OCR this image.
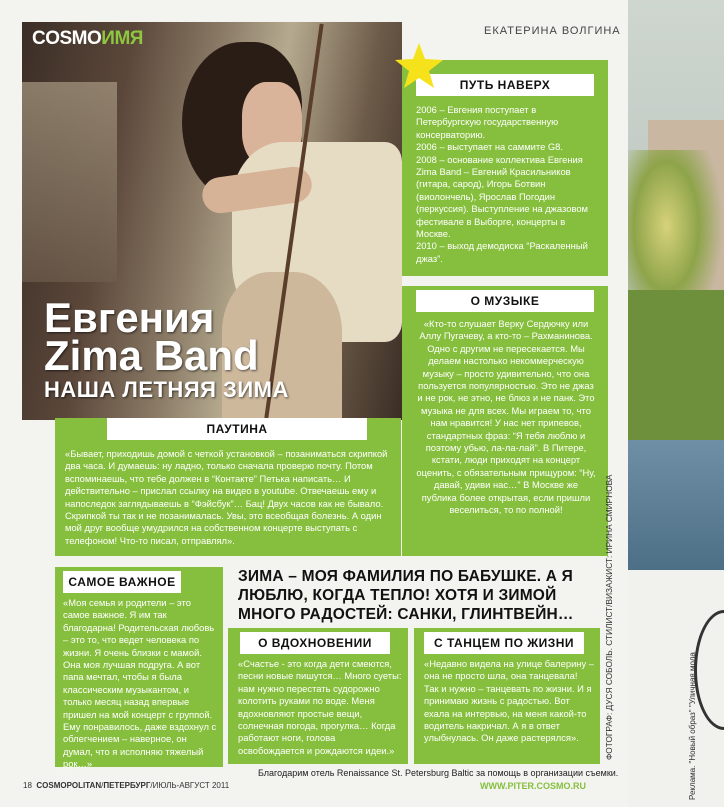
COSMOИМЯ	ЕКАТЕРИНА ВОЛГИНА
Евгения
Zima Band
НАША ЛЕТНЯЯ ЗИМА
ПУТЬ НАВЕРХ
2006 – Евгения поступает в Петербургскую государственную консерваторию.
2006 – выступает на саммите G8.
2008 – основание коллектива Евгения Zima Band – Евгений Красильников (гитара, сарод), Игорь Ботвин (виолончель), Ярослав Погодин (перкуссия). Выступление на джазовом фестивале в Выборге, концерты в Москве.
2010 – выход демодиска “Раскаленный джаз”.
О МУЗЫКЕ
«Кто-то слушает Верку Сердючку или Аллу Пугачеву, а кто-то – Рахманинова. Одно с другим не пересекается. Мы делаем настолько некоммерческую музыку – просто удивительно, что она пользуется популярностью. Это не джаз и не рок, не этно, не блюз и не панк. Это музыка не для всех. Мы играем то, что нам нравится! У нас нет припевов, стандартных фраз: “Я тебя люблю и поэтому убью, ла-ла-лай”. В Питере, кстати, люди приходят на концерт оценить, с обязательным прищуром: “Ну, давай, удиви нас…” В Москве же публика более открытая, если пришли веселиться, то по полной!
ПАУТИНА
«Бывает, приходишь домой с четкой установкой – позаниматься скрипкой два часа. И думаешь: ну ладно, только сначала проверю почту. Потом вспоминаешь, что тебе должен в “Контакте” Петька написать… И действительно – прислал ссылку на видео в youtube. Отвечаешь ему и напоследок заглядываешь в “Фэйсбук”… Бац! Двух часов как не бывало. Скрипкой ты так и не позанималась. Увы, это всеобщая болезнь. А один мой друг вообще умудрился на собственном концерте выступать с телефоном! Что-то писал, отправлял».
ЗИМА – МОЯ ФАМИЛИЯ ПО БАБУШКЕ. А Я ЛЮБЛЮ, КОГДА ТЕПЛО! ХОТЯ И ЗИМОЙ МНОГО РАДОСТЕЙ: САНКИ, ГЛИНТВЕЙН…
САМОЕ ВАЖНОЕ
«Моя семья и родители – это самое важное. Я им так благодарна! Родительская любовь – это то, что ведет человека по жизни. Я очень близки с мамой. Она моя лучшая подруга. А вот папа мечтал, чтобы я была классическим музыкантом, и только месяц назад впервые пришел на мой концерт с группой. Ему понравилось, даже вздохнул с облегчением – наверное, он думал, что я исполняю тяжелый рок…»
О ВДОХНОВЕНИИ
«Счастье - это когда дети смеются, песни новые пишутся… Много суеты: нам нужно перестать судорожно колотить руками по воде. Меня вдохновляют простые вещи, солнечная погода, прогулка… Когда работают ноги, голова освобождается и рождаются идеи.»
С ТАНЦЕМ ПО ЖИЗНИ
«Недавно видела на улице балерину – она не просто шла, она танцевала! Так и нужно – танцевать по жизни. И я принимаю жизнь с радостью. Вот ехала на интервью, на меня какой-то водитель накричал. А я в ответ улыбнулась. Он даже растерялся».	ФОТОГРАФ: ДУСЯ СОБОЛЬ. СТИЛИСТ/ВИЗАЖИСТ: ИРИНА СМИРНОВА
Благодарим отель Renaissance St. Petersburg Baltic за помощь в организации съемки.
18 COSMOPOLITAN/ПЕТЕРБУРГ/ИЮЛЬ-АВГУСТ 2011	WWW.PITER.COSMO.RU	Реклама. "Новый образ" "Уличная мода
